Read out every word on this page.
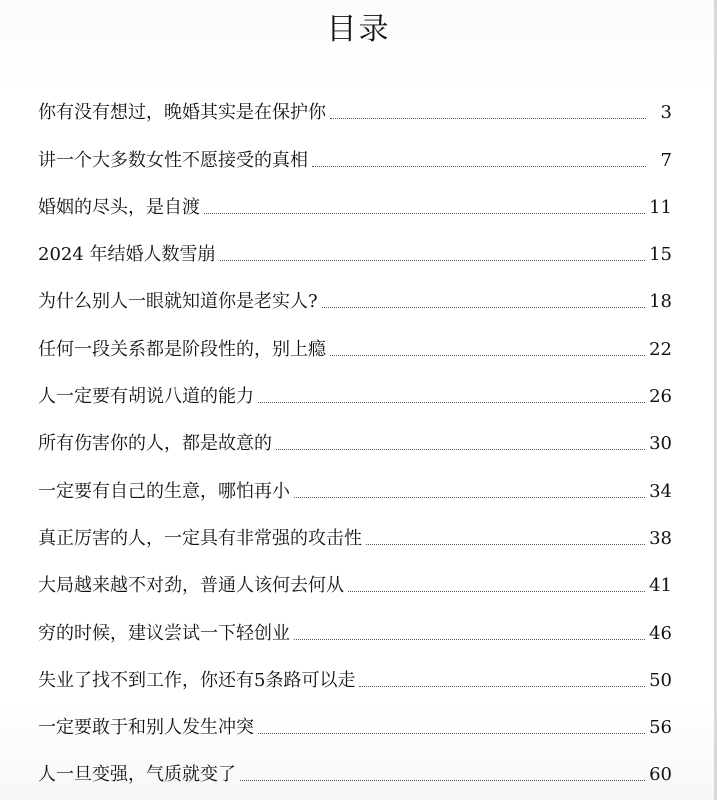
目录
你有没有想过，晚婚其实是在保护你	3
讲一个大多数女性不愿接受的真相	7
婚姻的尽头，是自渡	11
2024 年结婚人数雪崩	15
为什么别人一眼就知道你是老实人?	18
任何一段关系都是阶段性的，别上瘾	22
人一定要有胡说八道的能力	26
所有伤害你的人，都是故意的	30
一定要有自己的生意，哪怕再小	34
真正厉害的人，一定具有非常强的攻击性	38
大局越来越不对劲，普通人该何去何从	41
穷的时候，建议尝试一下轻创业	46
失业了找不到工作，你还有5条路可以走	50
一定要敢于和别人发生冲突	56
人一旦变强，气质就变了	60
